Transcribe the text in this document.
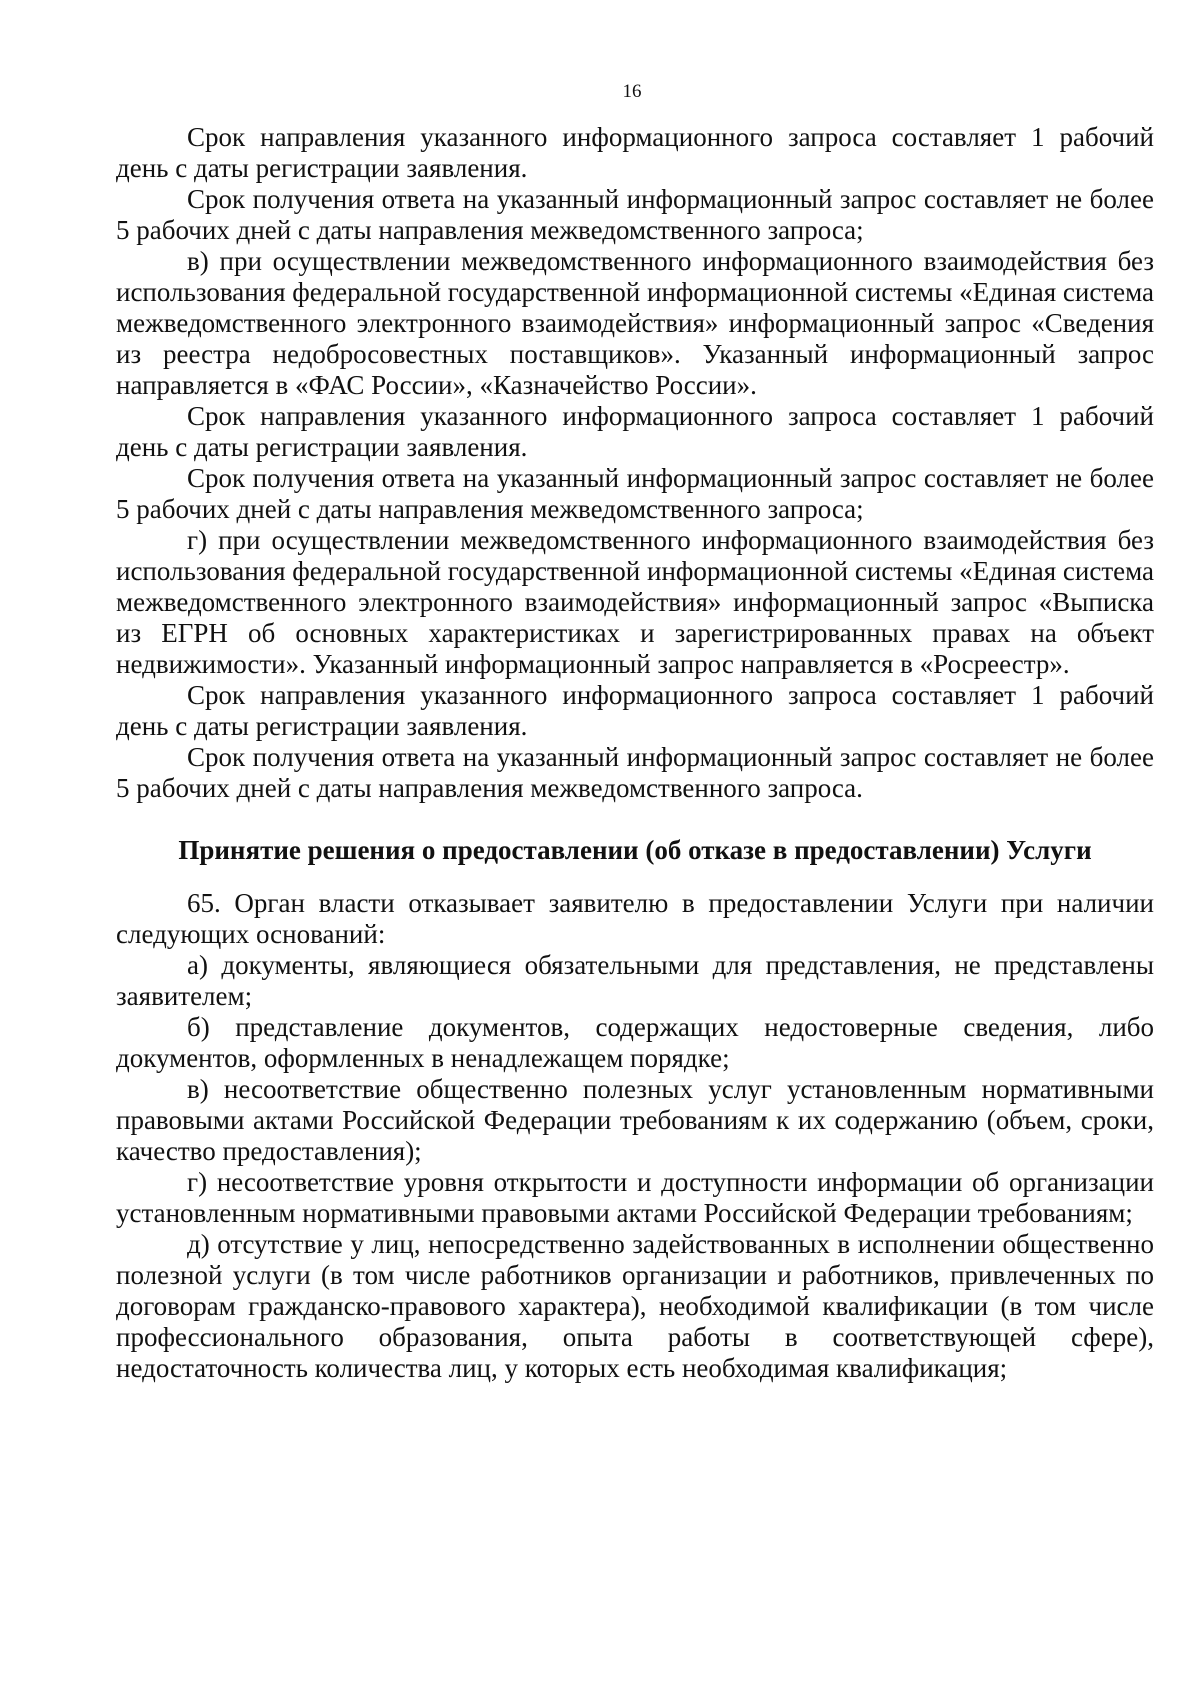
16

Срок направления указанного информационного запроса составляет 1 рабочий день с даты регистрации заявления.

Срок получения ответа на указанный информационный запрос составляет не более 5 рабочих дней с даты направления межведомственного запроса;

в) при осуществлении межведомственного информационного взаимодействия без использования федеральной государственной информационной системы «Единая система межведомственного электронного взаимодействия» информационный запрос «Сведения из реестра недобросовестных поставщиков». Указанный информационный запрос направляется в «ФАС России», «Казначейство России».

Срок направления указанного информационного запроса составляет 1 рабочий день с даты регистрации заявления.

Срок получения ответа на указанный информационный запрос составляет не более 5 рабочих дней с даты направления межведомственного запроса;

г) при осуществлении межведомственного информационного взаимодействия без использования федеральной государственной информационной системы «Единая система межведомственного электронного взаимодействия» информационный запрос «Выписка из ЕГРН об основных характеристиках и зарегистрированных правах на объект недвижимости». Указанный информационный запрос направляется в «Росреестр».

Срок направления указанного информационного запроса составляет 1 рабочий день с даты регистрации заявления.

Срок получения ответа на указанный информационный запрос составляет не более 5 рабочих дней с даты направления межведомственного запроса.

Принятие решения о предоставлении (об отказе в предоставлении) Услуги

65. Орган власти отказывает заявителю в предоставлении Услуги при наличии следующих оснований:

а) документы, являющиеся обязательными для представления, не представлены заявителем;

б) представление документов, содержащих недостоверные сведения, либо документов, оформленных в ненадлежащем порядке;

в) несоответствие общественно полезных услуг установленным нормативными правовыми актами Российской Федерации требованиям к их содержанию (объем, сроки, качество предоставления);

г) несоответствие уровня открытости и доступности информации об организации установленным нормативными правовыми актами Российской Федерации требованиям;

д) отсутствие у лиц, непосредственно задействованных в исполнении общественно полезной услуги (в том числе работников организации и работников, привлеченных по договорам гражданско-правового характера), необходимой квалификации (в том числе профессионального образования, опыта работы в соответствующей сфере), недостаточность количества лиц, у которых есть необходимая квалификация;
